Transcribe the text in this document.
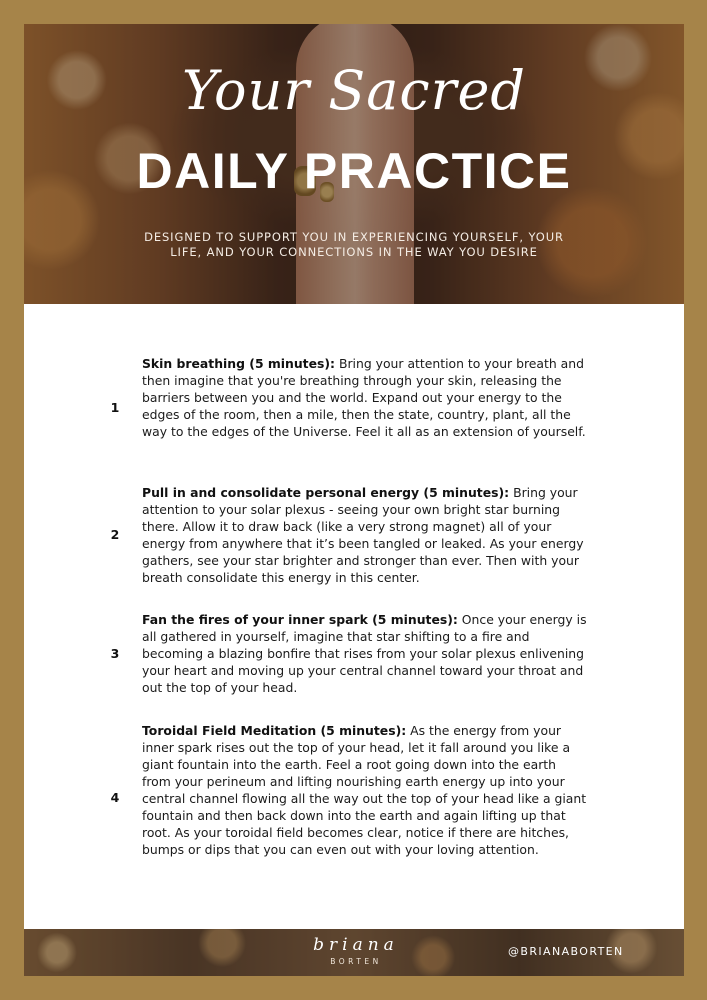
Your Sacred
DAILY PRACTICE
DESIGNED TO SUPPORT YOU IN EXPERIENCING YOURSELF, YOUR LIFE, AND YOUR CONNECTIONS IN THE WAY YOU DESIRE
1
Skin breathing (5 minutes): Bring your attention to your breath and then imagine that you're breathing through your skin, releasing the barriers between you and the world. Expand out your energy to the edges of the room, then a mile, then the state, country, plant, all the way to the edges of the Universe. Feel it all as an extension of yourself.
2
Pull in and consolidate personal energy (5 minutes): Bring your attention to your solar plexus - seeing your own bright star burning there. Allow it to draw back (like a very strong magnet) all of your energy from anywhere that it’s been tangled or leaked. As your energy gathers, see your star brighter and stronger than ever. Then with your breath consolidate this energy in this center.
3
Fan the fires of your inner spark (5 minutes): Once your energy is all gathered in yourself, imagine that star shifting to a fire and becoming a blazing bonfire that rises from your solar plexus enlivening your heart and moving up your central channel toward your throat and out the top of your head.
4
Toroidal Field Meditation (5 minutes): As the energy from your inner spark rises out the top of your head, let it fall around you like a giant fountain into the earth. Feel a root going down into the earth from your perineum and lifting nourishing earth energy up into your central channel flowing all the way out the top of your head like a giant fountain and then back down into the earth and again lifting up that root. As your toroidal field becomes clear, notice if there are hitches, bumps or dips that you can even out with your loving attention.
briana
BORTEN
@BRIANABORTEN
